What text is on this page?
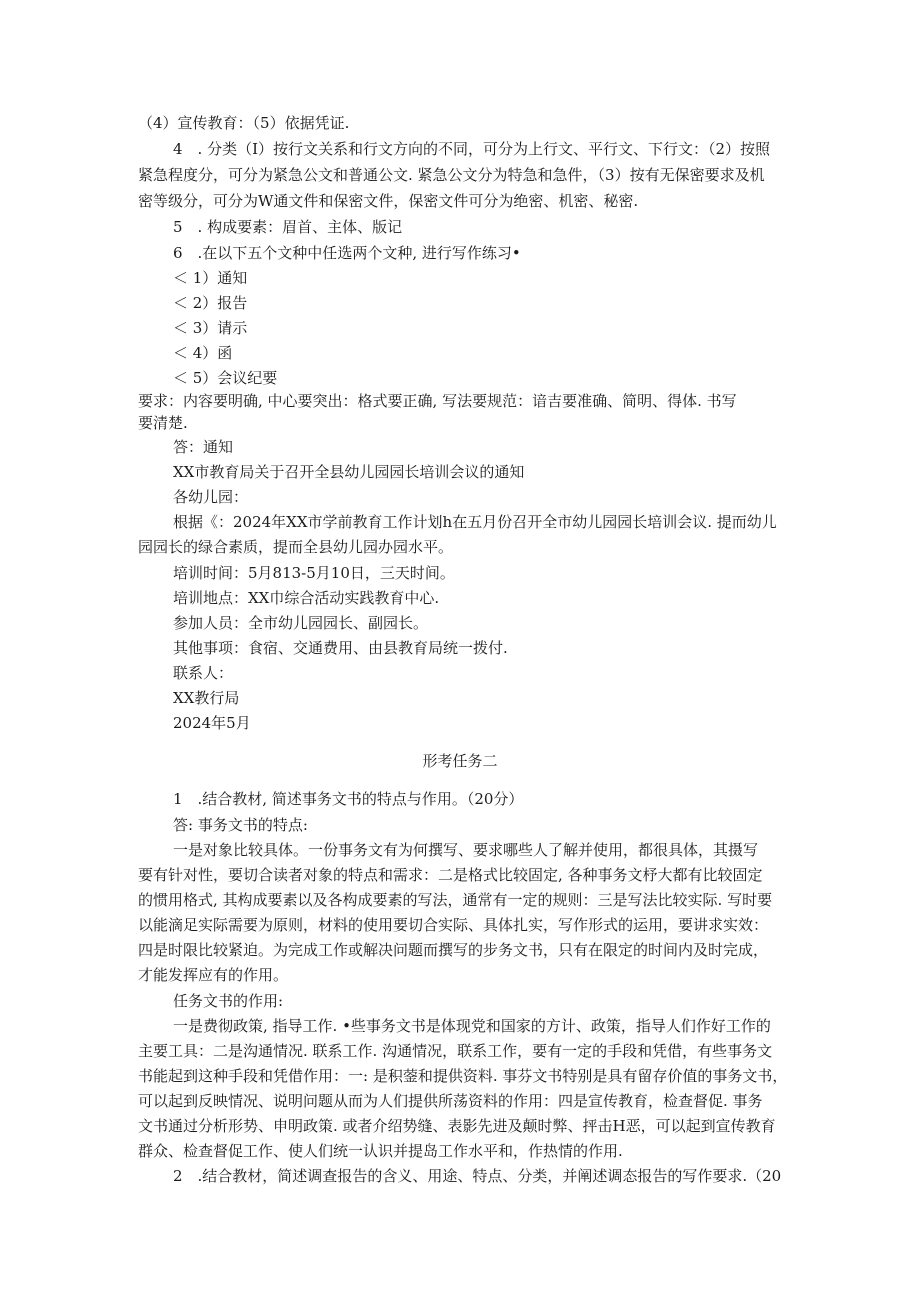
（4）宣传教育：（5）依据凭证.
4　. 分类（I）按行文关系和行文方向的不同，可分为上行文、平行文、下行文：（2）按照
紧急程度分，可分为紧急公文和普通公文. 紧急公文分为特急和急件，（3）按有无保密要求及机
密等级分，可分为W通文件和保密文件，保密文件可分为绝密、机密、秘密.
5　. 构成要素：眉首、主体、版记
6　.在以下五个文种中任选两个文种, 进行写作练习•
＜ 1）通知
＜ 2）报告
＜ 3）请示
＜ 4）函
＜ 5）会议纪要
要求：内容要明确, 中心要突出：格式要正确, 写法要规范：谙吉要准确、简明、得体. 书写
要清楚.
答：通知
XX市教育局关于召开全县幼儿园园长培训会议的通知
各幼儿园：
根据《：2024年XX市学前教育工作计划h在五月份召开全市幼儿园园长培训会议. 提而幼儿
园园长的绿合素质，提而全县幼儿园办园水平。
培训时间：5月813-5月10日，三天时间。
培训地点：XX巾综合活动实践教育中心.
参加人员：全市幼儿园园长、副园长。
其他事项：食宿、交通费用、由县教育局统一拨付.
联系人：
XX教行局
2024年5月
形考任务二
1　.结合教材, 简述事务文书的特点与作用。（20分）
答: 事务文书的特点:
一是对象比较具体。一份事务文有为何撰写、要求哪些人了解并使用，都很具体，其摄写
要有针对性，要切合读者对象的特点和需求：二是格式比较固定, 各种事务文杼大都有比较固定
的惯用格式, 其构成要素以及各构成要素的写法，通常有一定的规则：三是写法比较实际. 写时要
以能滴足实际需要为原则，材料的使用要切合实际、具体扎实，写作形式的运用，要讲求实效：
四是时限比较紧迫。为完成工作或解决问题而撰写的步务文书，只有在限定的时间内及时完成，
才能发挥应有的作用。
任务文书的作用:
一是费彻政策, 指导工作. •些事务文书是体现党和国家的方计、政策，指导人们作好工作的
主要工具：二是沟通情况. 联系工作. 沟通情况，联系工作，要有一定的手段和凭借，有些事务文
书能起到这种手段和凭借作用：一: 是积蓥和提供资料. 事芬文书特别是具有留存价值的事务文书，
可以起到反映情况、说明问题从而为人们提供所荡资料的作用：四是宣传教育，检查督促. 事务
文书通过分析形势、申明政策. 或者介绍势缝、表影先进及颠时弊、抨击H恶，可以起到宣传教育
群众、检查督促工作、使人们统一认识并提岛工作水平和，作热情的作用.
2　.结合教材，简述调查报告的含义、用途、特点、分类，并阐述调态报告的写作要求.（20
